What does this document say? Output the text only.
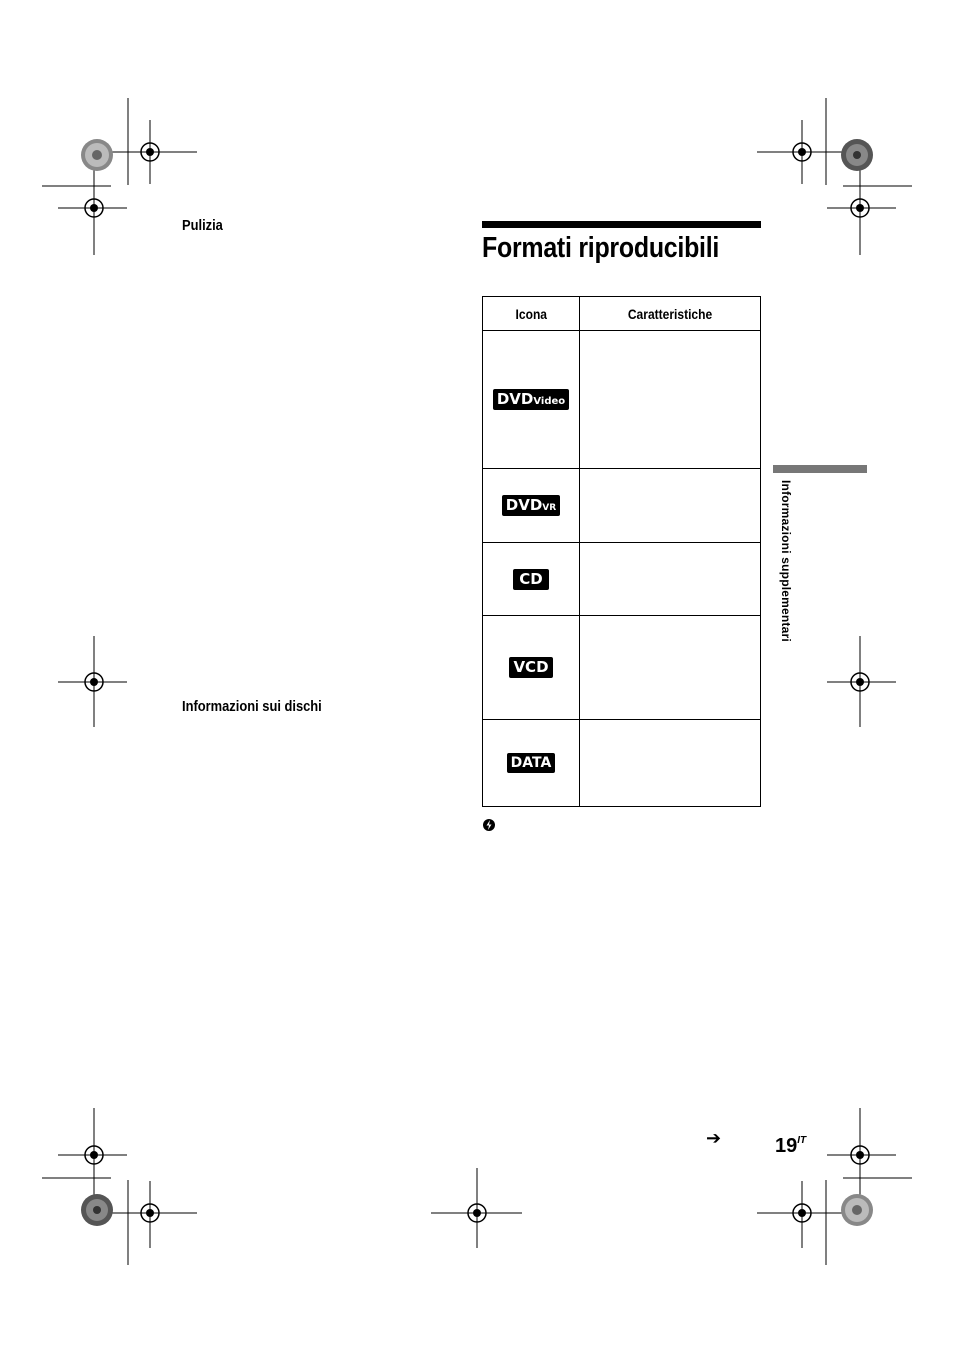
Pulizia
Informazioni sui dischi
Formati riproducibili
Icona	Caratteristiche
DVDVideo	
DVDVR	
CD	
VCD	
DATA	
Informazioni supplementari
➔	$19^{IT}$
